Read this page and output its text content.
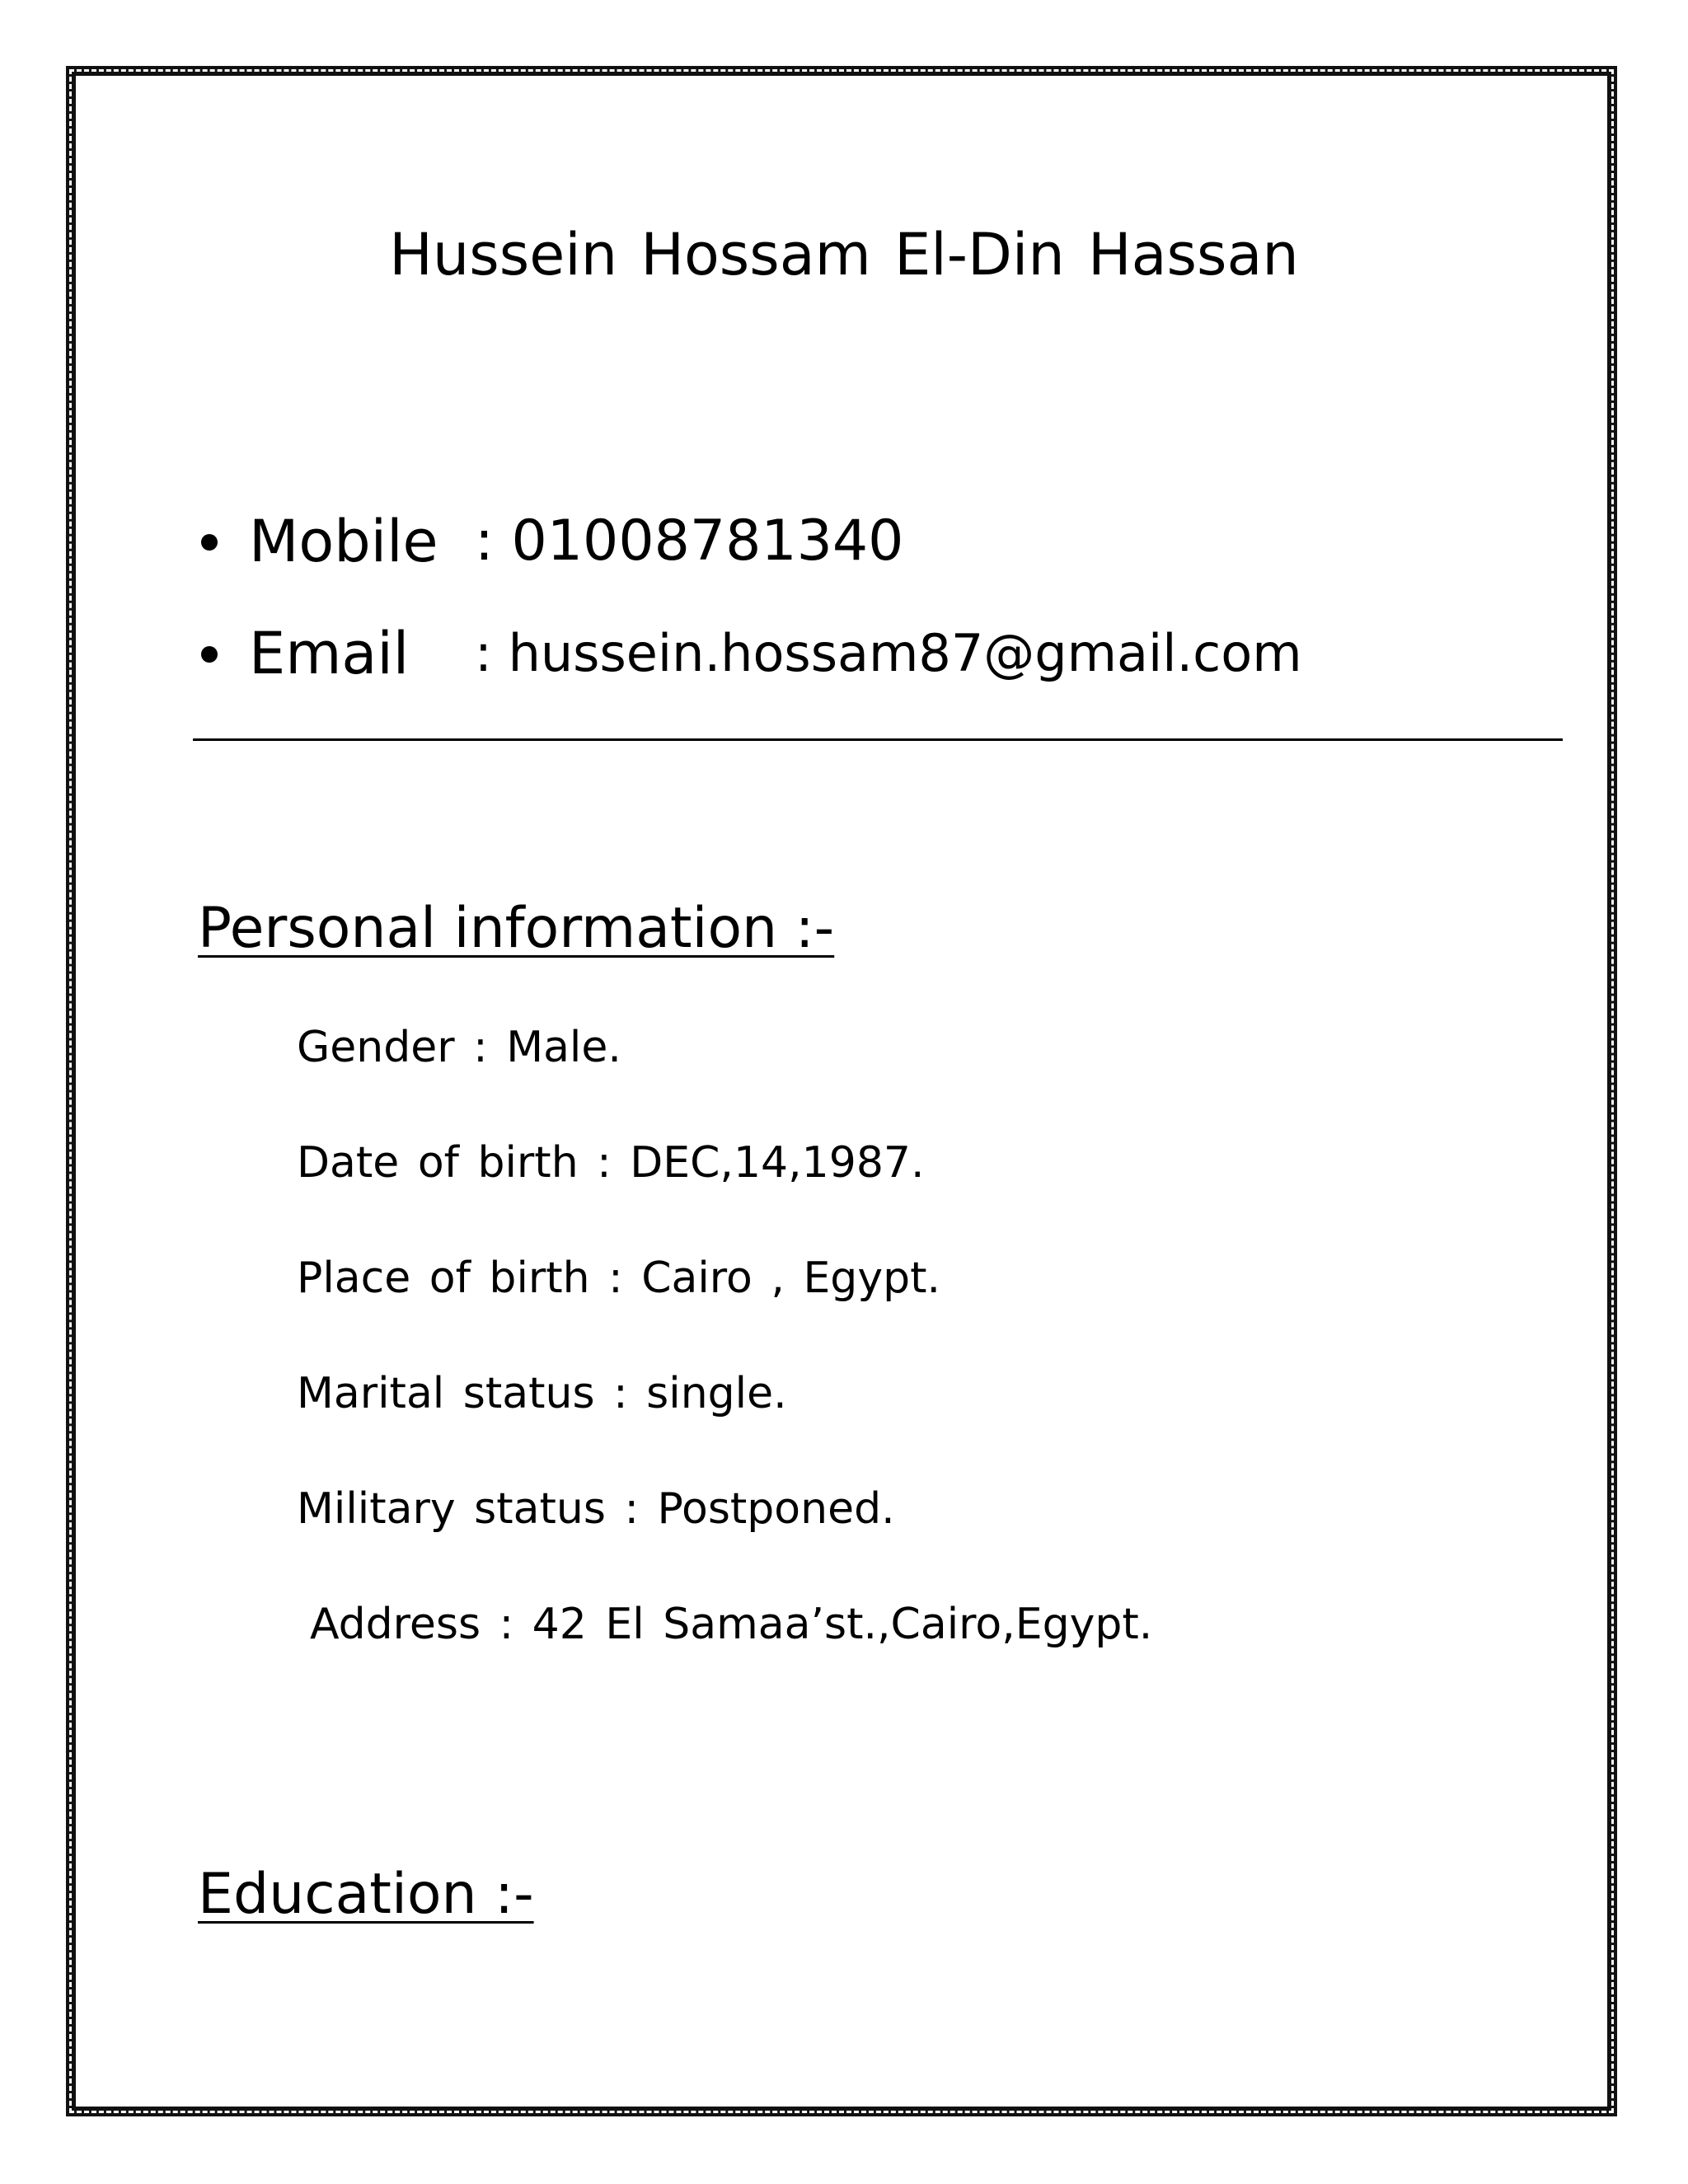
Hussein Hossam El-Din Hassan
Mobile : 01008781340
Email : hussein.hossam87@gmail.com
Personal information :-
Gender : Male.
Date of birth : DEC,14,1987.
Place of birth : Cairo , Egypt.
Marital status : single.
Military status : Postponed.
Address : 42 El Samaa’st.,Cairo,Egypt.
Education :-
